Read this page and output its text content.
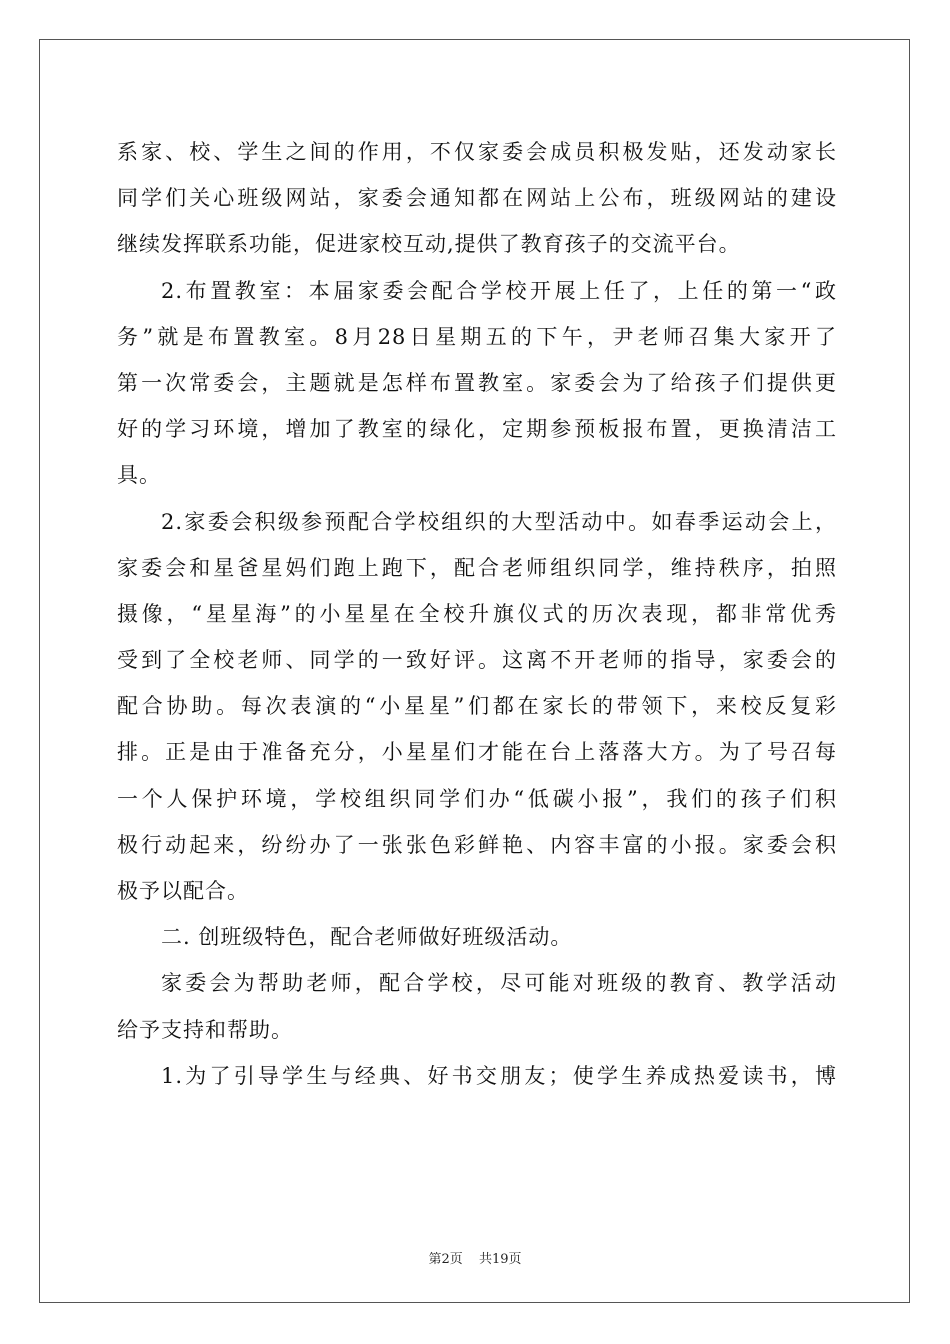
系家、校、学生之间的作用，不仅家委会成员积极发贴，还发动家长
同学们关心班级网站，家委会通知都在网站上公布，班级网站的建设
继续发挥联系功能，促进家校互动,提供了教育孩子的交流平台。
2.布置教室：本届家委会配合学校开展上任了，上任的第一“政
务”就是布置教室。8月28日星期五的下午，尹老师召集大家开了
第一次常委会，主题就是怎样布置教室。家委会为了给孩子们提供更
好的学习环境，增加了教室的绿化，定期参预板报布置，更换清洁工
具。
2.家委会积级参预配合学校组织的大型活动中。如春季运动会上，
家委会和星爸星妈们跑上跑下，配合老师组织同学，维持秩序，拍照
摄像，“星星海”的小星星在全校升旗仪式的历次表现，都非常优秀
受到了全校老师、同学的一致好评。这离不开老师的指导，家委会的
配合协助。每次表演的“小星星”们都在家长的带领下，来校反复彩
排。正是由于准备充分，小星星们才能在台上落落大方。为了号召每
一个人保护环境，学校组织同学们办“低碳小报”，我们的孩子们积
极行动起来，纷纷办了一张张色彩鲜艳、内容丰富的小报。家委会积
极予以配合。
二. 创班级特色，配合老师做好班级活动。
家委会为帮助老师，配合学校，尽可能对班级的教育、教学活动
给予支持和帮助。
1.为了引导学生与经典、好书交朋友；使学生养成热爱读书，博
第2页 共19页
